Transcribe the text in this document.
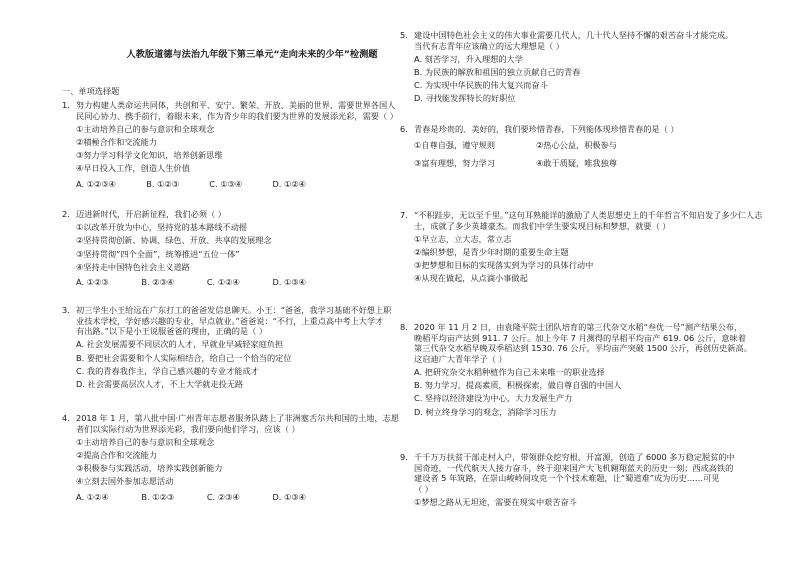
人教版道德与法治九年级下第三单元“走向未来的少年”检测题
一、单项选择题
1. 努力构建人类命运共同体，共创和平、安宁、繁荣、开放、美丽的世界，需要世界各国人
民同心协力、携手前行，着眼未来，作为青少年的我们要为世界的发展添光彩，需要（ ）
①主动培养自己的参与意识和全球观念
②積極合作和交流能力
③努力学习科学文化知识，培养创新思维
④早日投入工作，创造人生价值
A. ①②③④	B. ①②③	C. ①③④	D. ①②④
2. 迈进新时代，开启新征程，我们必须（ ）
①以改革开放为中心，坚持党的基本路线不动摇
②坚持贯彻创新、协调、绿色、开放、共享的发展理念
③坚持贯彻“四个全面”，统筹推进“五位一体”
④坚持走中国特色社会主义道路
A. ①②③	B. ②③④	C. ①②④	D. ①③④
3. 初三学生小王给远在广东打工的爸爸发信息聊天。小王：“爸爸，我学习基础不好想上职
业技术学校，学好感兴趣的专业，早点就业。”爸爸说：“不行，上重点高中考上大学才
有出路。”以下是小王说服爸爸的理由，正确的是（ ）
A. 社会发展需要不同层次的人才，早就业早减轻家庭负担
B. 要把社会需要和个人实际相结合，给自己一个恰当的定位
C. 我的青春我作主，学自己感兴趣的专业才能成才
D. 社会需要高层次人才，不上大学就走投无路
4. 2018 年 1 月，第八批中国·广州青年志愿者服务队踏上了非洲塞舌尔共和国的土地，志愿
者们以实际行动为世界添光彩，我们要向他们学习，应该（ ）
①主动培养自己的参与意识和全球观念
②提高合作和交流能力
③积极参与实践活动，培养实践创新能力
④立刻去国外参加志愿活动
A. ①②④	B. ①②③	C. ②③④	D. ①③④
5. 建设中国特色社会主义的伟大事业需要几代人，几十代人坚持不懈的艰苦奋斗才能完成。
当代有志青年应该确立的远大理想是（ ）
A. 刻苦学习，升入理想的大学
B. 为民族的解放和祖国的独立贡献自己的青春
C. 为实现中华民族的伟大复兴而奋斗
D. 寻找能发挥特长的好职位
6. 青春是珍贵的、美好的，我们要珍惜青春，下列能体现珍惜青春的是（ ）
①自尊自强，遵守规则　　　　　②热心公益，积极参与
③富有理想，努力学习　　　　　④敢于质疑，唯我独尊
7. “不积跬步，无以至千里。”这句耳熟能详的激励了人类思想史上的千年哲言不知启发了多少仁人志
士，成就了多少英雄豪杰。而我们中学生要实现目标和梦想，就要（ ）
①早立志，立大志，常立志
②编织梦想，是青少年时期的重要生命主题
③把梦想和目标的实现落实到为学习的具体行动中
④从现在做起，从点滴小事做起
8. 2020 年 11 月 2 日，由袁隆平院士团队培育的第三代杂交水稻“叁优一号”测产结果公布，
晚稻平均亩产达到 911. 7 公斤。加上今年 7 月测得的早稻平均亩产 619. 06 公斤，意味着
第三代杂交水稻早晚双季稻达到 1530. 76 公斤，平均亩产突破 1500 公斤，再创历史新高。
这启迪广大青年学子（ ）
A. 把研究杂交水稻种植作为自己未来唯一的职业选择
B. 努力学习，提高素质，积极探索，做自尊自强的中国人
C. 坚持以经济建设为中心，大力发展生产力
D. 树立终身学习的观念，消除学习压力
9. 千千万万扶贫干部走村入户，带领群众挖穷根、开富源，创造了 6000 多万稳定脱贫的中
国奇迹，一代代航天人接力奋斗，终于迎来国产大飞机翱翔蓝天的历史一刻；西成高铁的
建设者 5 年筑路，在崇山峻岭间攻克一个个技术难题，让“蜀道难”成为历史……可见
（ ）
①梦想之路从无坦途，需要在现实中艰苦奋斗
